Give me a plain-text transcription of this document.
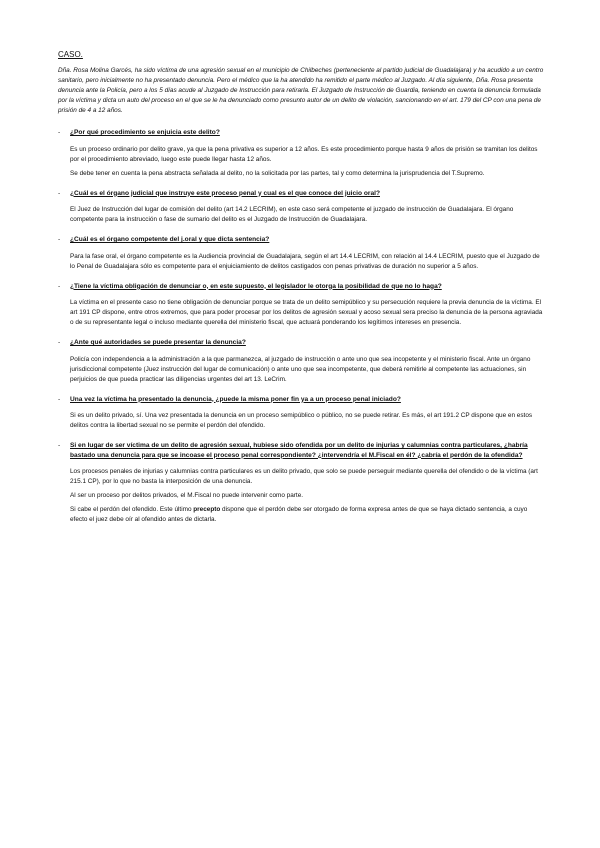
CASO.

Dña. Rosa Molina Garcés, ha sido víctima de una agresión sexual en el municipio de Chilbeches (perteneciente al partido judicial de Guadalajara) y ha acudido a un centro sanitario, pero inicialmente no ha presentado denuncia. Pero el médico que la ha atendido ha remitido el parte médico al Juzgado. Al día siguiente, Dña. Rosa presenta denuncia ante la Policía, pero a los 5 días acude al Juzgado de Instrucción para retirarla. El Juzgado de Instrucción de Guardia, teniendo en cuenta la denuncia formulada por la víctima y dicta un auto del proceso en el que se le ha denunciado como presunto autor de un delito de violación, sancionando en el art. 179 del CP con una pena de prisión de 4 a 12 años.

- ¿Por qué procedimiento se enjuicia este delito?

Es un proceso ordinario por delito grave, ya que la pena privativa es superior a 12 años. Es este procedimiento porque hasta 9 años de prisión se tramitan los delitos por el procedimiento abreviado, luego este puede llegar hasta 12 años.

Se debe tener en cuenta la pena abstracta señalada al delito, no la solicitada por las partes, tal y como determina la jurisprudencia del T.Supremo.

- ¿Cuál es el órgano judicial que instruye este proceso penal y cual es el que conoce del juicio oral?

El Juez de Instrucción del lugar de comisión del delito (art 14.2 LECRIM), en este caso será competente el juzgado de instrucción de Guadalajara. El órgano competente para la instrucción o fase de sumario del delito es el Juzgado de Instrucción de Guadalajara.

- ¿Cuál es el órgano competente del j.oral y que dicta sentencia?

Para la fase oral, el órgano competente es la Audiencia provincial de Guadalajara, según el art 14.4 LECRIM, con relación al 14.4 LECRIM, puesto que el Juzgado de lo Penal de Guadalajara sólo es competente para el enjuiciamiento de delitos castigados con penas privativas de duración no superior a 5 años.

- ¿Tiene la víctima obligación de denunciar o, en este supuesto, el legislador le otorga la posibilidad de que no lo haga?

La víctima en el presente caso no tiene obligación de denunciar porque se trata de un delito semipúblico y su persecución requiere la previa denuncia de la víctima. El art 191 CP dispone, entre otros extremos, que para poder procesar por los delitos de agresión sexual y acoso sexual sera preciso la denuncia de la persona agraviada o de su representante legal o incluso mediante querella del ministerio fiscal, que actuará ponderando los legítimos intereses en presencia.

- ¿Ante qué autoridades se puede presentar la denuncia?

Policía con independencia a la administración a la que parmanezca, al juzgado de instrucción o ante uno que sea incopetente y el ministerio fiscal. Ante un órgano jurisdiccional competente (Juez instrucción del lugar de comunicación) o ante uno que sea incompetente, que deberá remitirle al competente las actuaciones, sin perjuicios de que pueda practicar las diligencias urgentes del art 13. LeCrim.

- Una vez la víctima ha presentado la denuncia, ¿puede la misma poner fin ya a un proceso penal iniciado?

Si es un delito privado, sí. Una vez presentada la denuncia en un proceso semipúblico o público, no se puede retirar. Es más, el art 191.2 CP dispone que en estos delitos contra la libertad sexual no se permite el perdón del ofendido.

- Si en lugar de ser víctima de un delito de agresión sexual, hubiese sido ofendida por un delito de injurias y calumnias contra particulares, ¿habría bastado una denuncia para que se incoase el proceso penal correspondiente? ¿intervendría el M.Fiscal en él? ¿cabría el perdón de la ofendida?

Los procesos penales de injurias y calumnias contra particulares es un delito privado, que solo se puede perseguir mediante querella del ofendido o de la víctima (art 215.1 CP), por lo que no basta la interposición de una denuncia.

Al ser un proceso por delitos privados, el M.Fiscal no puede intervenir como parte.

Si cabe el perdón del ofendido. Este último precepto dispone que el perdón debe ser otorgado de forma expresa antes de que se haya dictado sentencia, a cuyo efecto el juez debe oír al ofendido antes de dictarla.
